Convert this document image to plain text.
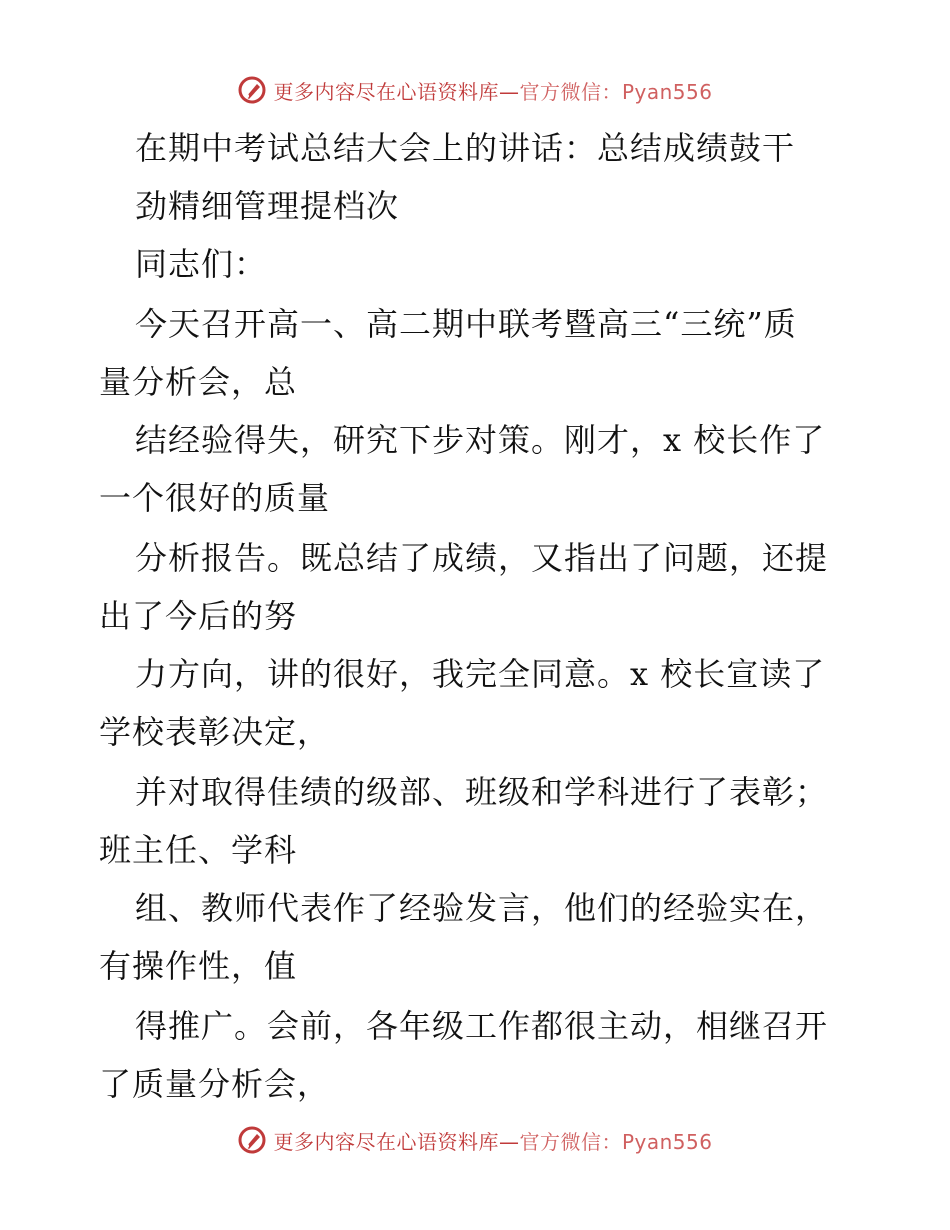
更多内容尽在心语资料库— 官方微信：Pyan556
在期中考试总结大会上的讲话：总结成绩鼓干
劲精细管理提档次
同志们：
今天召开高一、高二期中联考暨高三“三统”质
量分析会，总
结经验得失，研究下步对策。刚才，x 校长作了
一个很好的质量
分析报告。既总结了成绩，又指出了问题，还提
出了今后的努
力方向，讲的很好，我完全同意。x 校长宣读了
学校表彰决定，
并对取得佳绩的级部、班级和学科进行了表彰；
班主任、学科
组、教师代表作了经验发言，他们的经验实在，
有操作性，值
得推广。会前，各年级工作都很主动，相继召开
了质量分析会，
更多内容尽在心语资料库— 官方微信：Pyan556
